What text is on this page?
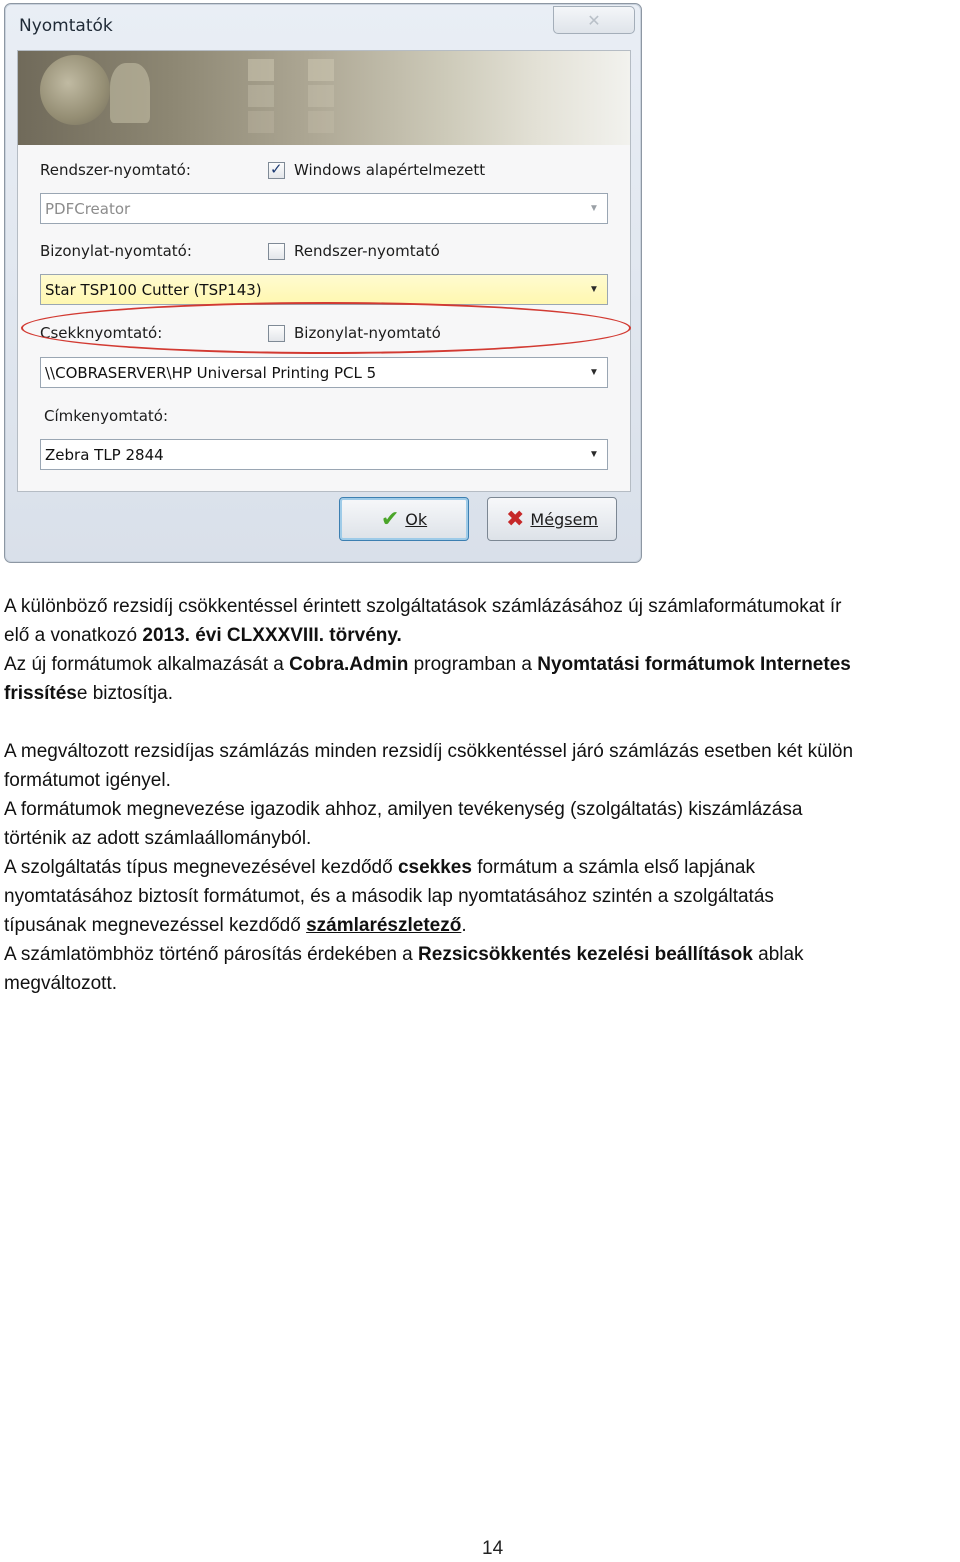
Nyomtatók	✕
Rendszer-nyomtató:
✓	Windows alapértelmezett
PDFCreator	▼
Bizonylat-nyomtató:	Rendszer-nyomtató
Star TSP100 Cutter (TSP143)	▼
Csekknyomtató:	Bizonylat-nyomtató
\\COBRASERVER\HP Universal Printing PCL 5	▼
Címkenyomtató:
Zebra TLP 2844	▼
✔ Ok	✖ Mégsem

A különböző rezsidíj csökkentéssel érintett szolgáltatások számlázásához új számlaformátumokat ír
elő a vonatkozó 2013. évi CLXXXVIII. törvény.
Az új formátumok alkalmazását a Cobra.Admin programban a Nyomtatási formátumok Internetes
frissítése biztosítja.

A megváltozott rezsidíjas számlázás minden rezsidíj csökkentéssel járó számlázás esetben két külön
formátumot igényel.
A formátumok megnevezése igazodik ahhoz, amilyen tevékenység (szolgáltatás) kiszámlázása
történik az adott számlaállományból.

A szolgáltatás típus megnevezésével kezdődő csekkes formátum a számla első lapjának
nyomtatásához biztosít formátumot, és a második lap nyomtatásához szintén a szolgáltatás
típusának megnevezéssel kezdődő számlarészletező.

A számlatömbhöz történő párosítás érdekében a Rezsicsökkentés kezelési beállítások ablak
megváltozott.

14
